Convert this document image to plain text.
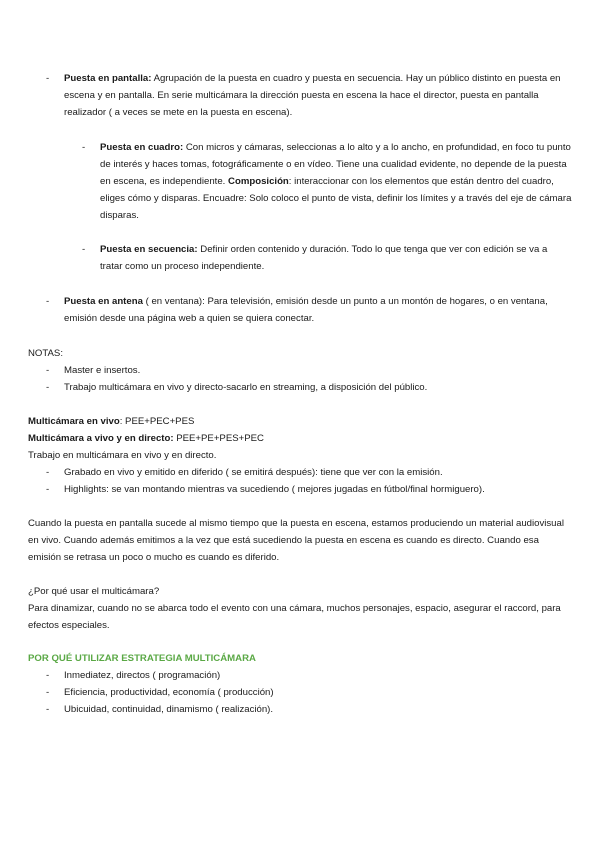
- Puesta en pantalla: Agrupación de la puesta en cuadro y puesta en secuencia. Hay un público distinto en puesta en escena y en pantalla. En serie multicámara la dirección puesta en escena la hace el director, puesta en pantalla realizador ( a veces se mete en la puesta en escena).

- Puesta en cuadro: Con micros y cámaras, seleccionas a lo alto y a lo ancho, en profundidad, en foco tu punto de interés y haces tomas, fotográficamente o en vídeo. Tiene una cualidad evidente, no depende de la puesta en escena, es independiente. Composición: interaccionar con los elementos que están dentro del cuadro, eliges cómo y disparas. Encuadre: Solo coloco el punto de vista, definir los límites y a través del eje de cámara disparas.

- Puesta en secuencia: Definir orden contenido y duración. Todo lo que tenga que ver con edición se va a tratar como un proceso independiente.

- Puesta en antena ( en ventana): Para televisión, emisión desde un punto a un montón de hogares, o en ventana, emisión desde una página web a quien se quiera conectar.

NOTAS:

- Master e insertos.
- Trabajo multicámara en vivo y directo-sacarlo en streaming, a disposición del público.

Multicámara en vivo: PEE+PEC+PES

Multicámara a vivo y en directo: PEE+PE+PES+PEC

Trabajo en multicámara en vivo y en directo.

- Grabado en vivo y emitido en diferido ( se emitirá después): tiene que ver con la emisión.
- Highlights: se van montando mientras va sucediendo ( mejores jugadas en fútbol/final hormiguero).

Cuando la puesta en pantalla sucede al mismo tiempo que la puesta en escena, estamos produciendo un material audiovisual en vivo. Cuando además emitimos a la vez que está sucediendo la puesta en escena es cuando es directo. Cuando esa emisión se retrasa un poco o mucho es cuando es diferido.

¿Por qué usar el multicámara?

Para dinamizar, cuando no se abarca todo el evento con una cámara, muchos personajes, espacio, asegurar el raccord, para efectos especiales.

POR QUÉ UTILIZAR ESTRATEGIA MULTICÁMARA

- Inmediatez, directos ( programación)
- Eficiencia, productividad, economía ( producción)
- Ubicuidad, continuidad, dinamismo ( realización).
